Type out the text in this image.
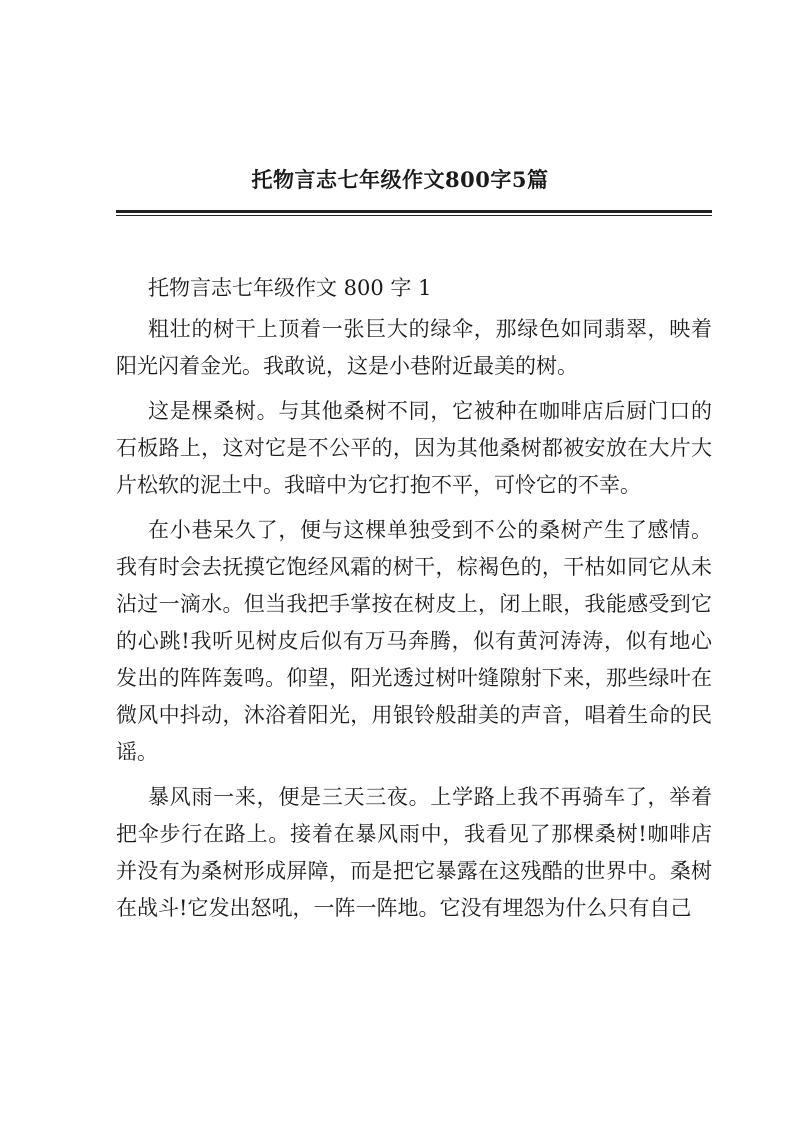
托物言志七年级作文800字5篇

托物言志七年级作文 800 字 1

粗壮的树干上顶着一张巨大的绿伞，那绿色如同翡翠，映着阳光闪着金光。我敢说，这是小巷附近最美的树。

这是棵桑树。与其他桑树不同，它被种在咖啡店后厨门口的石板路上，这对它是不公平的，因为其他桑树都被安放在大片大片松软的泥土中。我暗中为它打抱不平，可怜它的不幸。

在小巷呆久了，便与这棵单独受到不公的桑树产生了感情。我有时会去抚摸它饱经风霜的树干，棕褐色的，干枯如同它从未沾过一滴水。但当我把手掌按在树皮上，闭上眼，我能感受到它的心跳!我听见树皮后似有万马奔腾，似有黄河涛涛，似有地心发出的阵阵轰鸣。仰望，阳光透过树叶缝隙射下来，那些绿叶在微风中抖动，沐浴着阳光，用银铃般甜美的声音，唱着生命的民谣。

暴风雨一来，便是三天三夜。上学路上我不再骑车了，举着把伞步行在路上。接着在暴风雨中，我看见了那棵桑树!咖啡店并没有为桑树形成屏障，而是把它暴露在这残酷的世界中。桑树在战斗!它发出怒吼，一阵一阵地。它没有埋怨为什么只有自己
